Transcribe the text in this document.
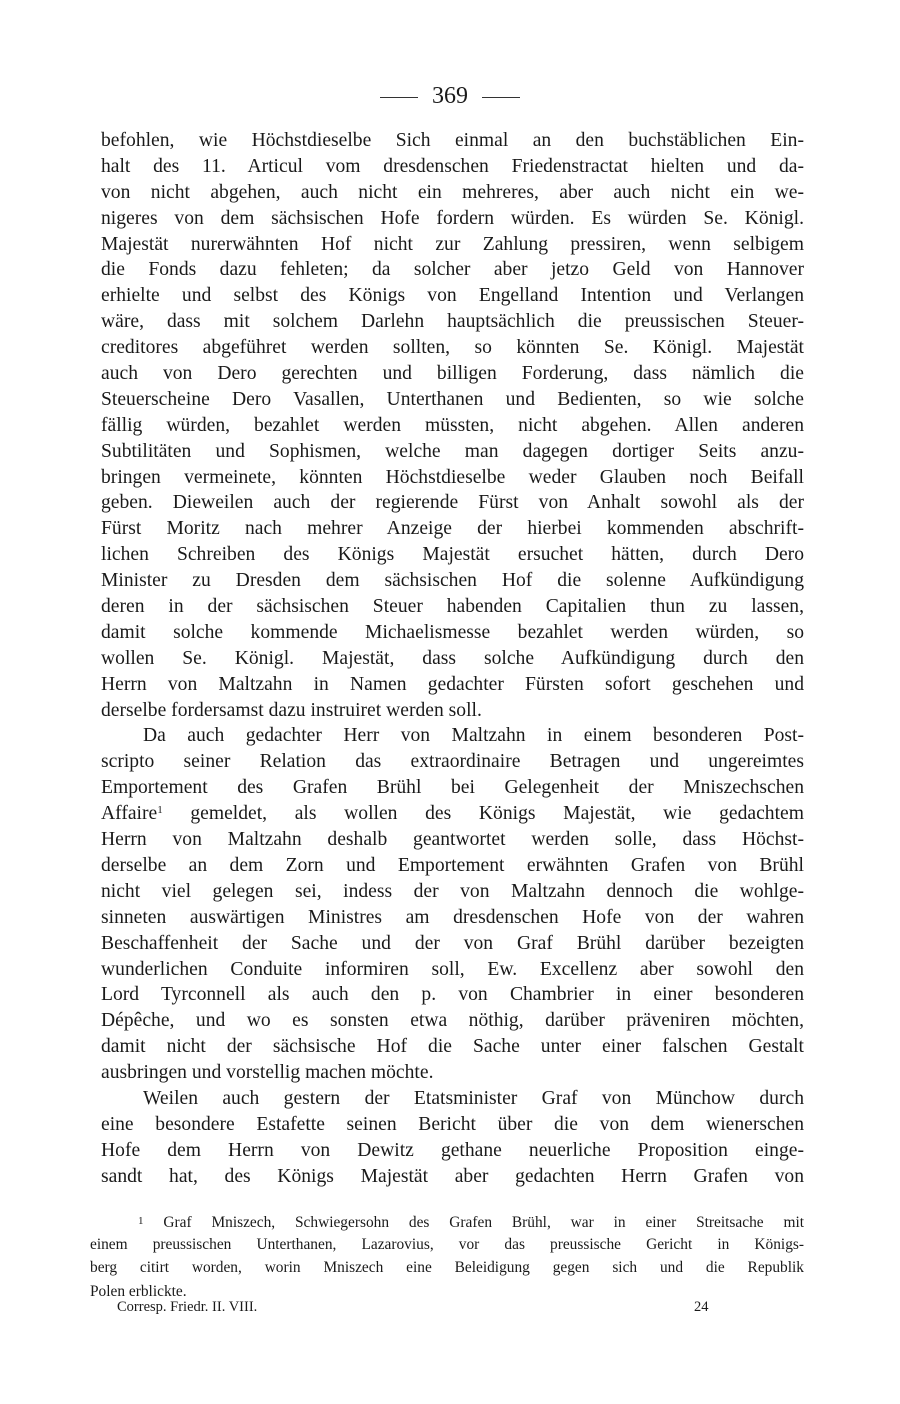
369
befohlen, wie Höchstdieselbe Sich einmal an den buchstäblichen Ein-
halt des 11. Articul vom dresdenschen Friedenstractat hielten und da-
von nicht abgehen, auch nicht ein mehreres, aber auch nicht ein we-
nigeres von dem sächsischen Hofe fordern würden. Es würden Se. Königl.
Majestät nurerwähnten Hof nicht zur Zahlung pressiren, wenn selbigem
die Fonds dazu fehleten; da solcher aber jetzo Geld von Hannover
erhielte und selbst des Königs von Engelland Intention und Verlangen
wäre, dass mit solchem Darlehn hauptsächlich die preussischen Steuer-
creditores abgeführet werden sollten, so könnten Se. Königl. Majestät
auch von Dero gerechten und billigen Forderung, dass nämlich die
Steuerscheine Dero Vasallen, Unterthanen und Bedienten, so wie solche
fällig würden, bezahlet werden müssten, nicht abgehen. Allen anderen
Subtilitäten und Sophismen, welche man dagegen dortiger Seits anzu-
bringen vermeinete, könnten Höchstdieselbe weder Glauben noch Beifall
geben. Dieweilen auch der regierende Fürst von Anhalt sowohl als der
Fürst Moritz nach mehrer Anzeige der hierbei kommenden abschrift-
lichen Schreiben des Königs Majestät ersuchet hätten, durch Dero
Minister zu Dresden dem sächsischen Hof die solenne Aufkündigung
deren in der sächsischen Steuer habenden Capitalien thun zu lassen,
damit solche kommende Michaelismesse bezahlet werden würden, so
wollen Se. Königl. Majestät, dass solche Aufkündigung durch den
Herrn von Maltzahn in Namen gedachter Fürsten sofort geschehen und
derselbe fordersamst dazu instruiret werden soll.
Da auch gedachter Herr von Maltzahn in einem besonderen Post-
scripto seiner Relation das extraordinaire Betragen und ungereimtes
Emportement des Grafen Brühl bei Gelegenheit der Mniszechschen
Affaire$^1$ gemeldet, als wollen des Königs Majestät, wie gedachtem
Herrn von Maltzahn deshalb geantwortet werden solle, dass Höchst-
derselbe an dem Zorn und Emportement erwähnten Grafen von Brühl
nicht viel gelegen sei, indess der von Maltzahn dennoch die wohlge-
sinneten auswärtigen Ministres am dresdenschen Hofe von der wahren
Beschaffenheit der Sache und der von Graf Brühl darüber bezeigten
wunderlichen Conduite informiren soll, Ew. Excellenz aber sowohl den
Lord Tyrconnell als auch den p. von Chambrier in einer besonderen
Dépêche, und wo es sonsten etwa nöthig, darüber präveniren möchten,
damit nicht der sächsische Hof die Sache unter einer falschen Gestalt
ausbringen und vorstellig machen möchte.
Weilen auch gestern der Etatsminister Graf von Münchow durch
eine besondere Estafette seinen Bericht über die von dem wienerschen
Hofe dem Herrn von Dewitz gethane neuerliche Proposition einge-
sandt hat, des Königs Majestät aber gedachten Herrn Grafen von
1 Graf Mniszech, Schwiegersohn des Grafen Brühl, war in einer Streitsache mit
einem preussischen Unterthanen, Lazarovius, vor das preussische Gericht in Königs-
berg citirt worden, worin Mniszech eine Beleidigung gegen sich und die Republik
Polen erblickte.
Corresp. Friedr. II. VIII.	24
